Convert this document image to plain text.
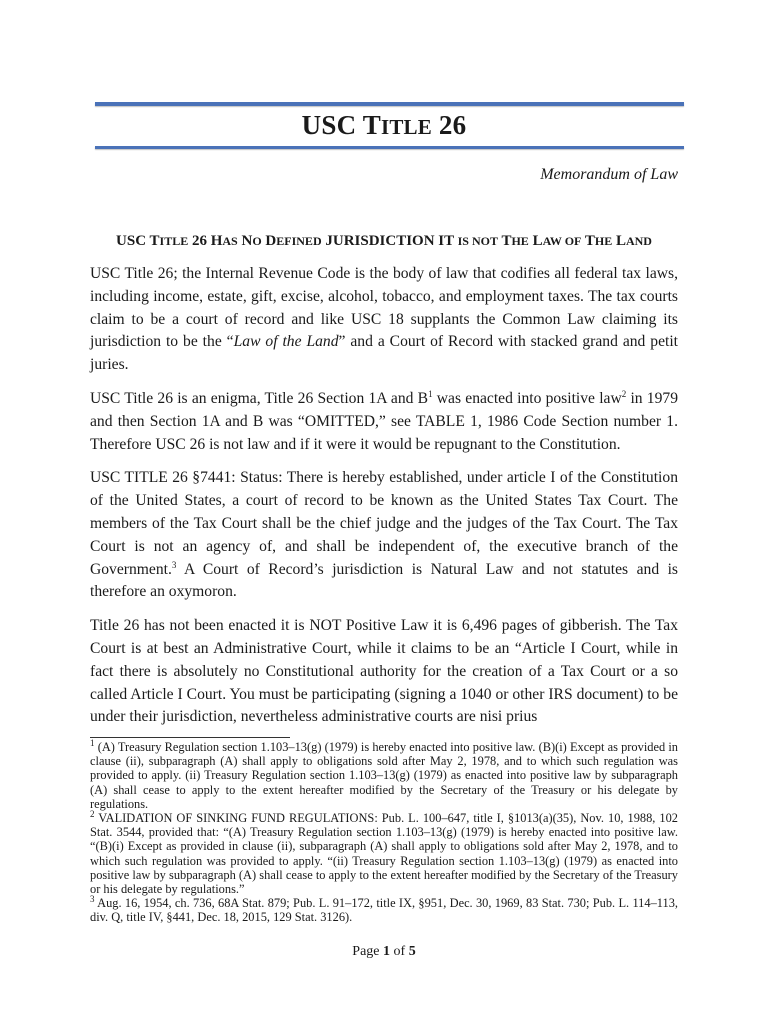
USC TITLE 26
Memorandum of Law
USC TITLE 26 HAS NO DEFINED JURISDICTION IT IS NOT THE LAW OF THE LAND

USC Title 26; the Internal Revenue Code is the body of law that codifies all federal tax laws, including income, estate, gift, excise, alcohol, tobacco, and employment taxes. The tax courts claim to be a court of record and like USC 18 supplants the Common Law claiming its jurisdiction to be the “Law of the Land” and a Court of Record with stacked grand and petit juries.

USC Title 26 is an enigma, Title 26 Section 1A and $B^1$ was enacted into positive law$^2$ in 1979 and then Section 1A and B was “OMITTED,” see TABLE 1, 1986 Code Section number 1. Therefore USC 26 is not law and if it were it would be repugnant to the Constitution.

USC TITLE 26 §7441: Status: There is hereby established, under article I of the Constitution of the United States, a court of record to be known as the United States Tax Court. The members of the Tax Court shall be the chief judge and the judges of the Tax Court. The Tax Court is not an agency of, and shall be independent of, the executive branch of the Government.$^3$ A Court of Record’s jurisdiction is Natural Law and not statutes and is therefore an oxymoron.

Title 26 has not been enacted it is NOT Positive Law it is 6,496 pages of gibberish. The Tax Court is at best an Administrative Court, while it claims to be an “Article I Court, while in fact there is absolutely no Constitutional authority for the creation of a Tax Court or a so called Article I Court. You must be participating (signing a 1040 or other IRS document) to be under their jurisdiction, nevertheless administrative courts are nisi prius

$^1$ (A) Treasury Regulation section 1.103–13(g) (1979) is hereby enacted into positive law. (B)(i) Except as provided in clause (ii), subparagraph (A) shall apply to obligations sold after May 2, 1978, and to which such regulation was provided to apply. (ii) Treasury Regulation section 1.103–13(g) (1979) as enacted into positive law by subparagraph (A) shall cease to apply to the extent hereafter modified by the Secretary of the Treasury or his delegate by regulations.

$^2$ VALIDATION OF SINKING FUND REGULATIONS: Pub. L. 100–647, title I, §1013(a)(35), Nov. 10, 1988, 102 Stat. 3544, provided that: “(A) Treasury Regulation section 1.103–13(g) (1979) is hereby enacted into positive law. “(B)(i) Except as provided in clause (ii), subparagraph (A) shall apply to obligations sold after May 2, 1978, and to which such regulation was provided to apply. “(ii) Treasury Regulation section 1.103–13(g) (1979) as enacted into positive law by subparagraph (A) shall cease to apply to the extent hereafter modified by the Secretary of the Treasury or his delegate by regulations.”

$^3$ Aug. 16, 1954, ch. 736, 68A Stat. 879; Pub. L. 91–172, title IX, §951, Dec. 30, 1969, 83 Stat. 730; Pub. L. 114–113, div. Q, title IV, §441, Dec. 18, 2015, 129 Stat. 3126).

Page 1 of 5
